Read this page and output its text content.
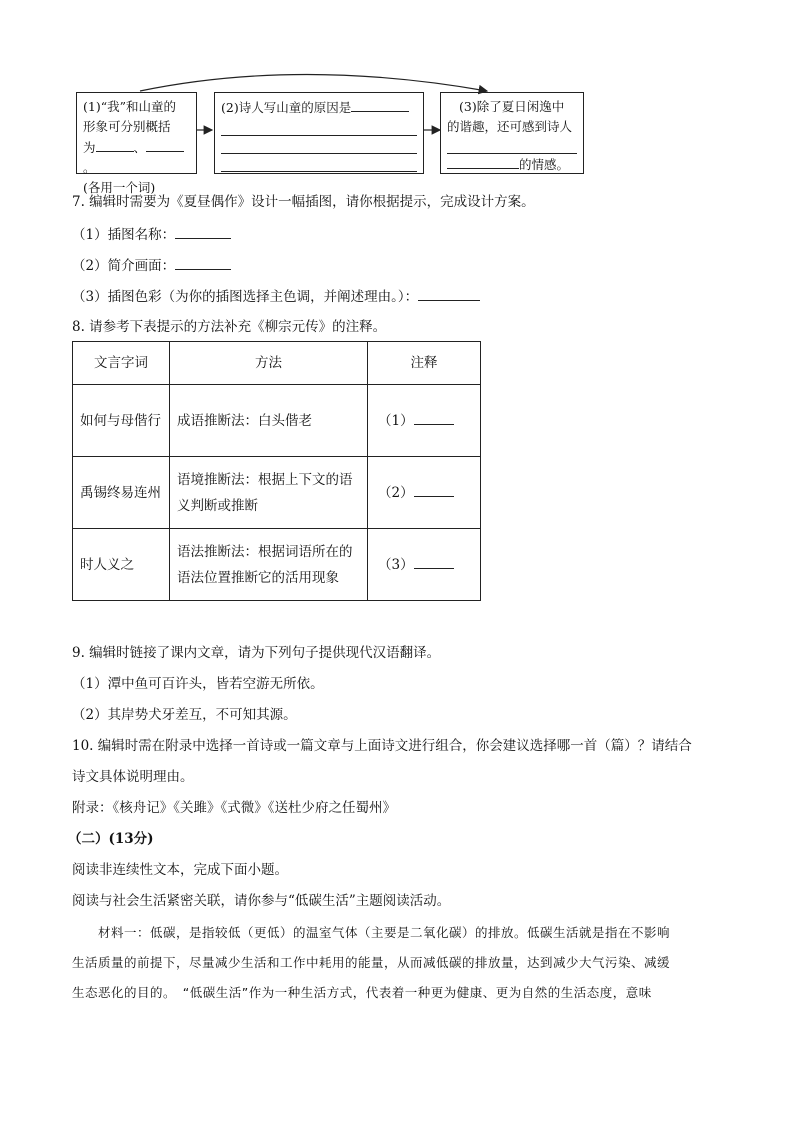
(1)“我”和山童的
形象可分别概括
为	、。
(各用一个词)
(2)诗人写山童的原因是	(3)除了夏日闲逸中
的谐趣，还可感到诗人
的情感。
7. 编辑时需要为《夏昼偶作》设计一幅插图，请你根据提示，完成设计方案。
（1）插图名称：
（2）简介画面：
（3）插图色彩（为你的插图选择主色调，并阐述理由。）：
8. 请参考下表提示的方法补充《柳宗元传》的注释。
文言字词	方法	注释
如何与母偕行	成语推断法：白头偕老	（1）
禹锡终易连州	语境推断法：根据上下文的语义判断或推断	（2）
时人义之	语法推断法：根据词语所在的语法位置推断它的活用现象	（3）
9. 编辑时链接了课内文章，请为下列句子提供现代汉语翻译。
（1）潭中鱼可百许头，皆若空游无所依。
（2）其岸势犬牙差互，不可知其源。
10. 编辑时需在附录中选择一首诗或一篇文章与上面诗文进行组合，你会建议选择哪一首（篇）？请结合
诗文具体说明理由。
附录：《核舟记》《关雎》《式微》《送杜少府之任蜀州》
（二）(13分)
阅读非连续性文本，完成下面小题。
阅读与社会生活紧密关联，请你参与“低碳生活”主题阅读活动。
材料一：低碳，是指较低（更低）的温室气体（主要是二氧化碳）的排放。低碳生活就是指在不影响
生活质量的前提下，尽量减少生活和工作中耗用的能量，从而减低碳的排放量，达到减少大气污染、减缓
生态恶化的目的。　“低碳生活”作为一种生活方式，代表着一种更为健康、更为自然的生活态度，意味
